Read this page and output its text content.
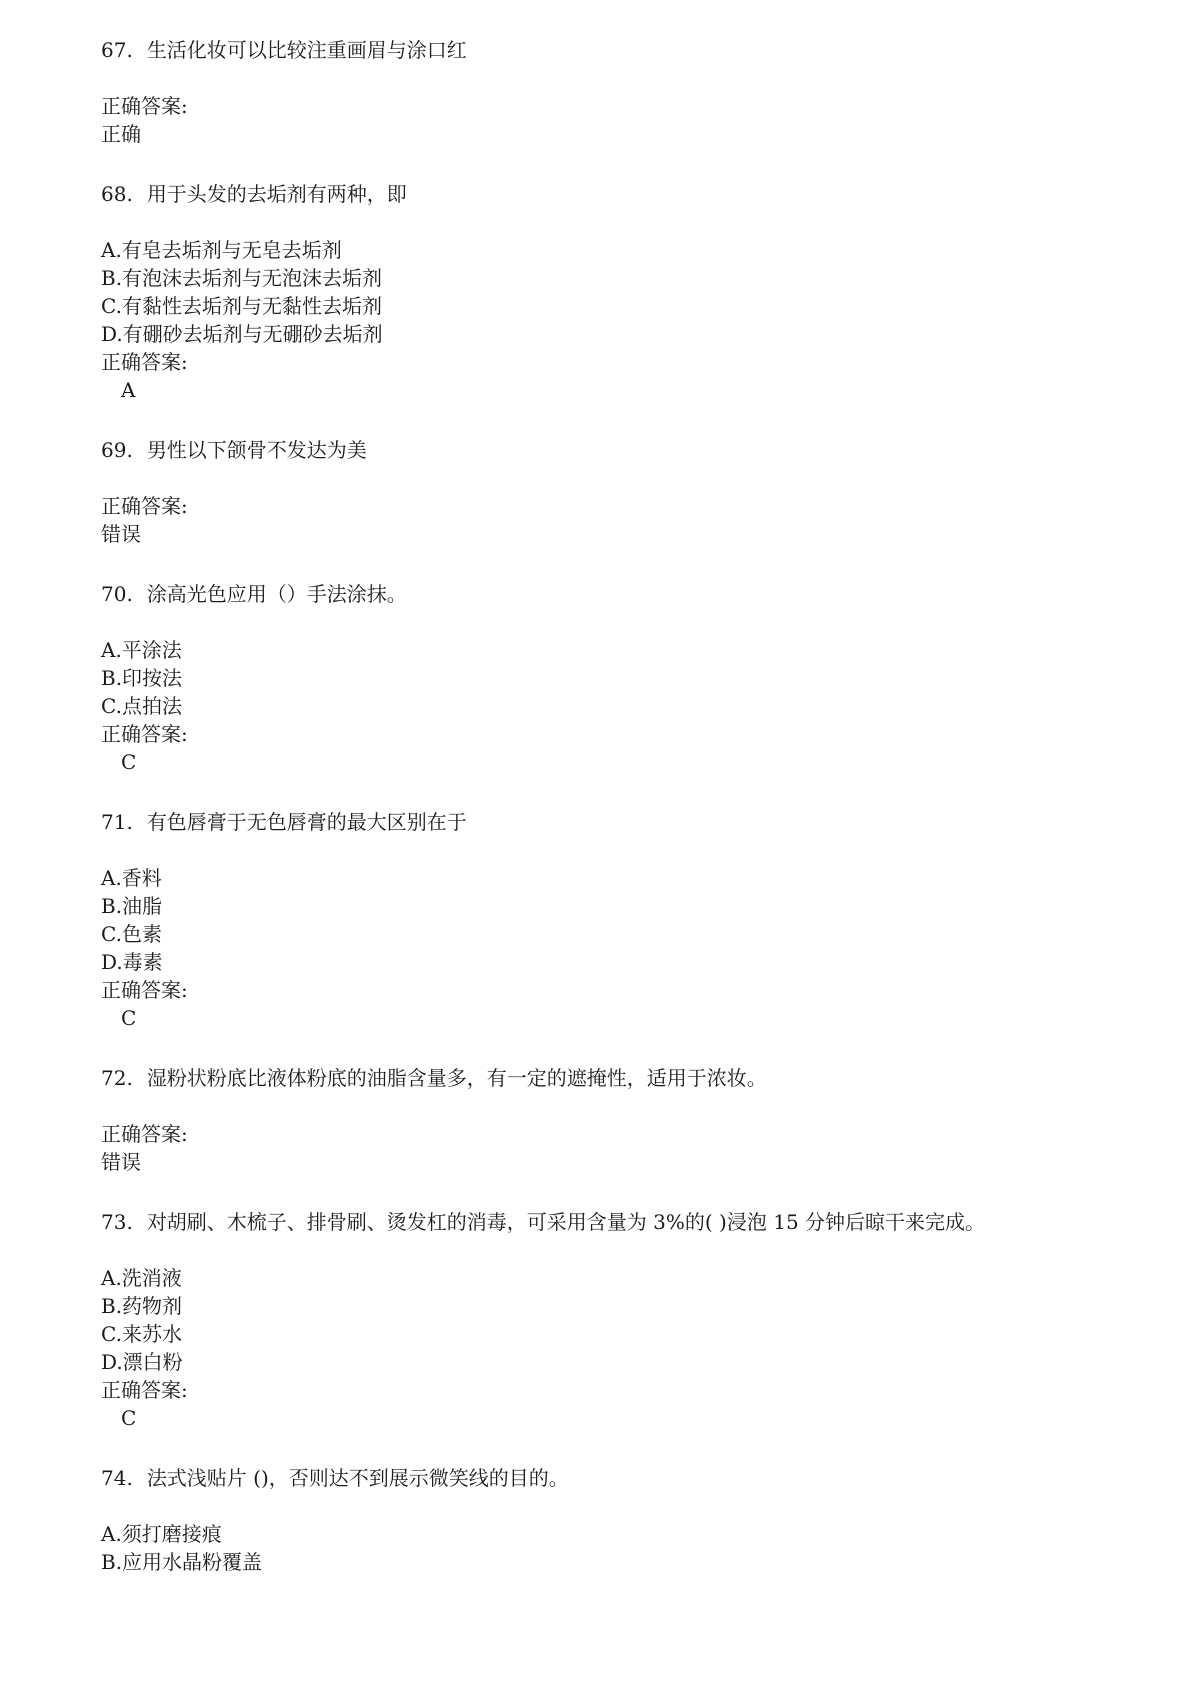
67. 生活化妆可以比较注重画眉与涂口红
正确答案:
正确
68. 用于头发的去垢剂有两种，即
A.有皂去垢剂与无皂去垢剂
B.有泡沫去垢剂与无泡沫去垢剂
C.有黏性去垢剂与无黏性去垢剂
D.有硼砂去垢剂与无硼砂去垢剂
正确答案:
A
69. 男性以下颌骨不发达为美
正确答案:
错误
70. 涂高光色应用（）手法涂抹。
A.平涂法
B.印按法
C.点拍法
正确答案:
C
71. 有色唇膏于无色唇膏的最大区别在于
A.香料
B.油脂
C.色素
D.毒素
正确答案:
C
72. 湿粉状粉底比液体粉底的油脂含量多，有一定的遮掩性，适用于浓妆。
正确答案:
错误
73. 对胡刷、木梳子、排骨刷、烫发杠的消毒，可采用含量为 3%的( )浸泡 15 分钟后晾干来完成。
A.洗消液
B.药物剂
C.来苏水
D.漂白粉
正确答案:
C
74. 法式浅贴片 ()，否则达不到展示微笑线的目的。
A.须打磨接痕
B.应用水晶粉覆盖
